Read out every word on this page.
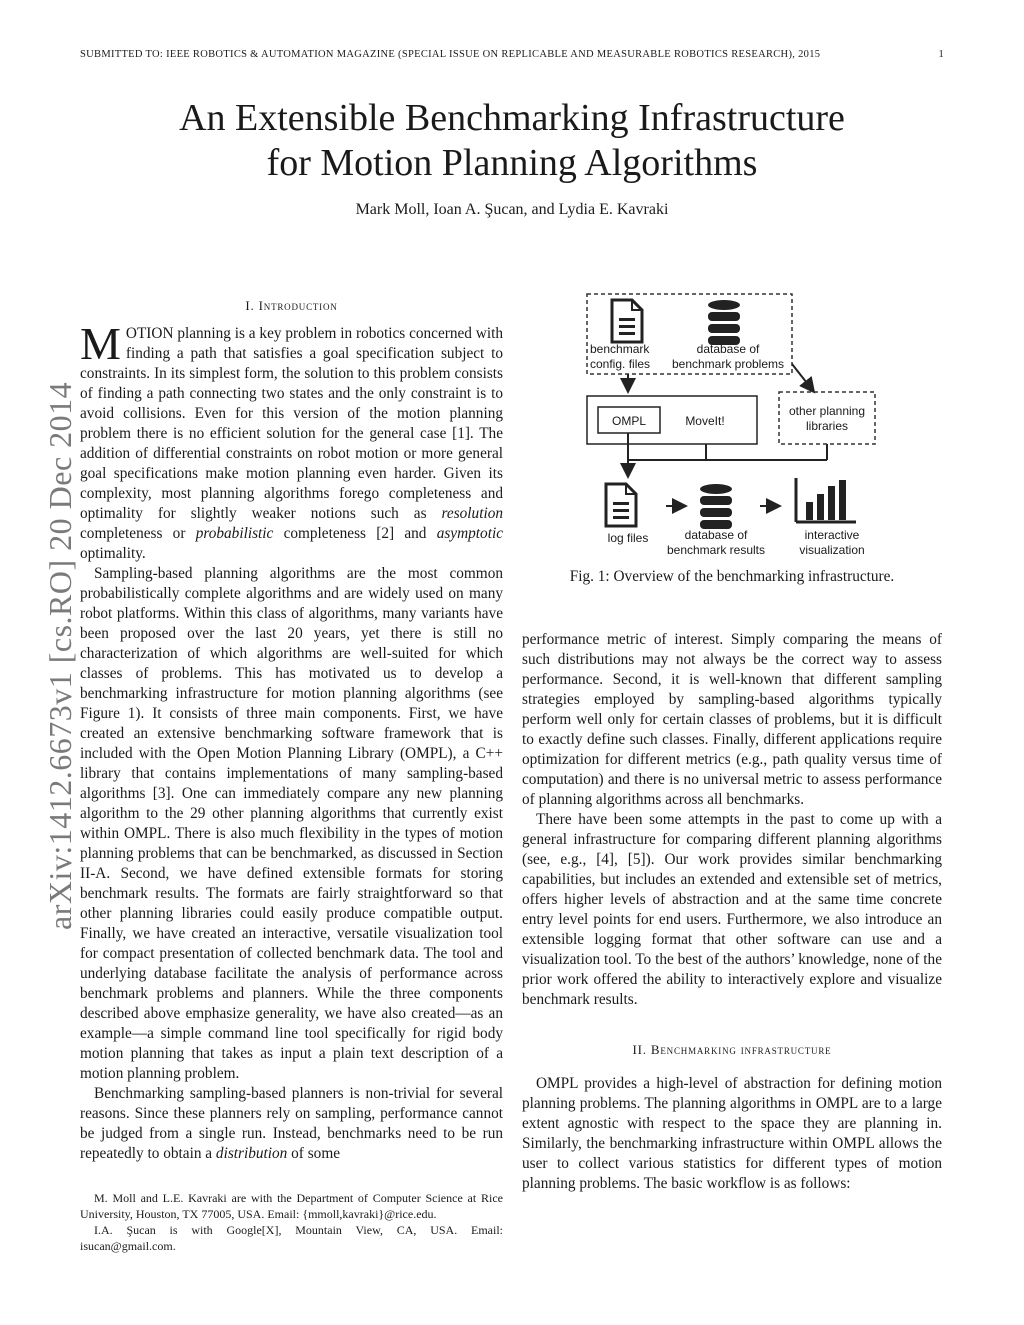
SUBMITTED TO: IEEE ROBOTICS & AUTOMATION MAGAZINE (SPECIAL ISSUE ON REPLICABLE AND MEASURABLE ROBOTICS RESEARCH), 2015	1
arXiv:1412.6673v1 [cs.RO] 20 Dec 2014
An Extensible Benchmarking Infrastructure
for Motion Planning Algorithms
Mark Moll, Ioan A. Şucan, and Lydia E. Kavraki
I. Introduction

MOTION planning is a key problem in robotics concerned with finding a path that satisfies a goal specification subject to constraints. In its simplest form, the solution to this problem consists of finding a path connecting two states and the only constraint is to avoid collisions. Even for this version of the motion planning problem there is no efficient solution for the general case [1]. The addition of differential constraints on robot motion or more general goal specifications make motion planning even harder. Given its complexity, most planning algorithms forego completeness and optimality for slightly weaker notions such as resolution completeness or probabilistic completeness [2] and asymptotic optimality.

Sampling-based planning algorithms are the most common probabilistically complete algorithms and are widely used on many robot platforms. Within this class of algorithms, many variants have been proposed over the last 20 years, yet there is still no characterization of which algorithms are well-suited for which classes of problems. This has motivated us to develop a benchmarking infrastructure for motion planning algorithms (see Figure 1). It consists of three main components. First, we have created an extensive benchmarking software framework that is included with the Open Motion Planning Library (OMPL), a C++ library that contains implementations of many sampling-based algorithms [3]. One can immediately compare any new planning algorithm to the 29 other planning algorithms that currently exist within OMPL. There is also much flexibility in the types of motion planning problems that can be benchmarked, as discussed in Section II-A. Second, we have defined extensible formats for storing benchmark results. The formats are fairly straightforward so that other planning libraries could easily produce compatible output. Finally, we have created an interactive, versatile visualization tool for compact presentation of collected benchmark data. The tool and underlying database facilitate the analysis of performance across benchmark problems and planners. While the three components described above emphasize generality, we have also created—as an example—a simple command line tool specifically for rigid body motion planning that takes as input a plain text description of a motion planning problem.

Benchmarking sampling-based planners is non-trivial for several reasons. Since these planners rely on sampling, performance cannot be judged from a single run. Instead, benchmarks need to be run repeatedly to obtain a distribution of some

M. Moll and L.E. Kavraki are with the Department of Computer Science at Rice University, Houston, TX 77005, USA. Email: {mmoll,kavraki}@rice.edu.

I.A. Şucan is with Google[X], Mountain View, CA, USA. Email: isucan@gmail.com.

benchmark
config. files
database of
benchmark problems
OMPL	MoveIt!
other planning
libraries
log files	database of
benchmark results
interactive
visualization
Fig. 1: Overview of the benchmarking infrastructure.

performance metric of interest. Simply comparing the means of such distributions may not always be the correct way to assess performance. Second, it is well-known that different sampling strategies employed by sampling-based algorithms typically perform well only for certain classes of problems, but it is difficult to exactly define such classes. Finally, different applications require optimization for different metrics (e.g., path quality versus time of computation) and there is no universal metric to assess performance of planning algorithms across all benchmarks.

There have been some attempts in the past to come up with a general infrastructure for comparing different planning algorithms (see, e.g., [4], [5]). Our work provides similar benchmarking capabilities, but includes an extended and extensible set of metrics, offers higher levels of abstraction and at the same time concrete entry level points for end users. Furthermore, we also introduce an extensible logging format that other software can use and a visualization tool. To the best of the authors’ knowledge, none of the prior work offered the ability to interactively explore and visualize benchmark results.

II. Benchmarking infrastructure

OMPL provides a high-level of abstraction for defining motion planning problems. The planning algorithms in OMPL are to a large extent agnostic with respect to the space they are planning in. Similarly, the benchmarking infrastructure within OMPL allows the user to collect various statistics for different types of motion planning problems. The basic workflow is as follows:
